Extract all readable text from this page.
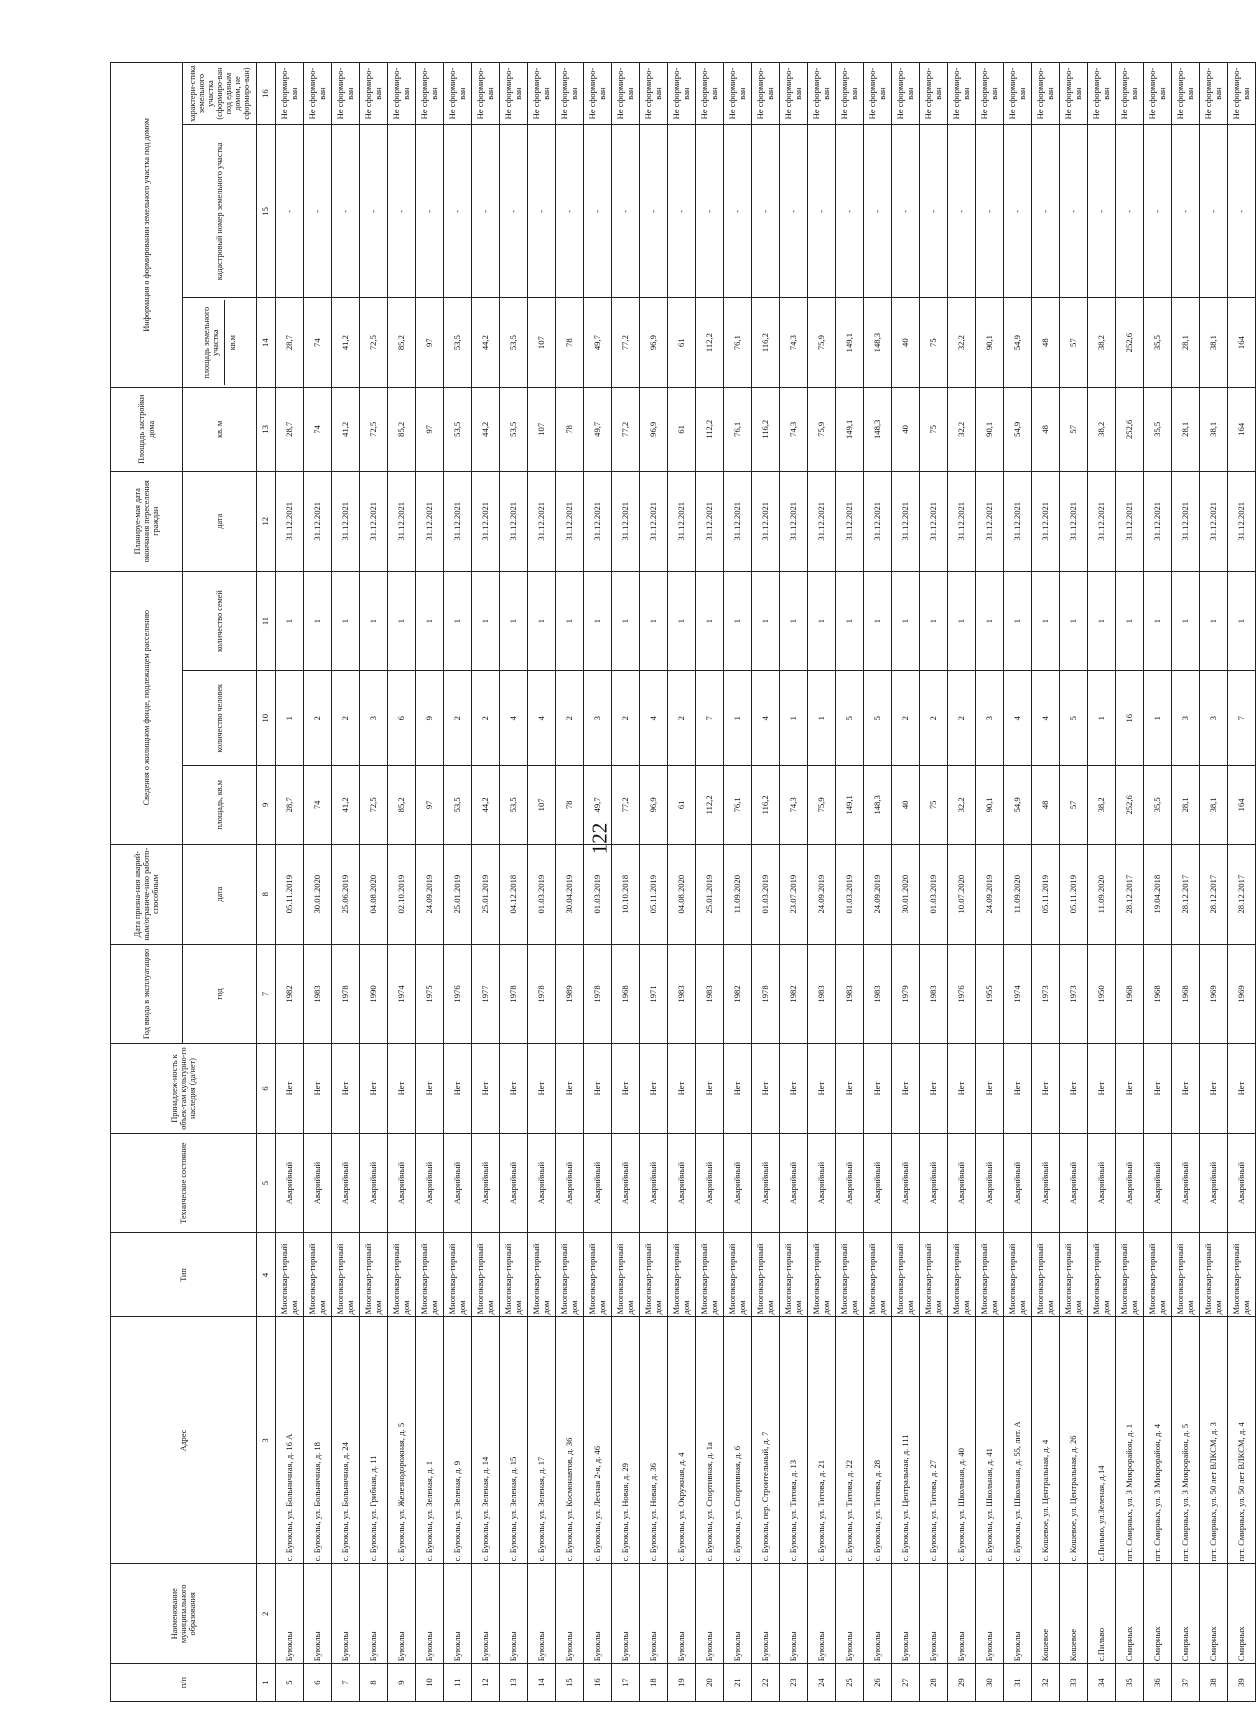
122
п/п	Наименование муниципального образования	Адрес	Тип	Техническое состояние	Принадлеж-ность к объек-там культурно-го наследия (да/нет)	Год ввода в эксплуатацию	Дата призна-ния аварий-ным/ограниче-нно работо-способным	Сведения о жилищном фонде, подлежащем расселению			Планируе-мая дата окончания переселения граждан	Площадь застройки дома	Информация о формировании земельного участка под домом		
						год	дата	площадь, кв.м	количество человек	количество семей	дата	кв. м	площадь земельного участка кв.м	кадастровый номер земельного участка	характери-стика земельного участка (сформиро-ван под единым домом, не сформиро-ван)
1	2	3	4	5	6	7	8	9	10	11	12	13	14	15	16
5	Буюклы	с. Буюклы, ул. Больничная, д. 16 А	Многоквар-тирный дом	Аварийный	Нет	1982	05.11.2019	28,7	1	1	31.12.2021	28,7	28,7	-	Не сформиро-ван
6	Буюклы	с. Буюклы, ул. Больничная, д. 18	Многоквар-тирный дом	Аварийный	Нет	1983	30.01.2020	74	2	1	31.12.2021	74	74	-	Не сформиро-ван
7	Буюклы	с. Буюклы, ул. Больничная, д. 24	Многоквар-тирный дом	Аварийный	Нет	1978	25.06.2019	41,2	2	1	31.12.2021	41,2	41,2	-	Не сформиро-ван
8	Буюклы	с. Буюклы, ул. Грибная, д. 11	Многоквар-тирный дом	Аварийный	Нет	1990	04.08.2020	72,5	3	1	31.12.2021	72,5	72,5	-	Не сформиро-ван
9	Буюклы	с. Буюклы, ул. Железнодорожная, д. 5	Многоквар-тирный дом	Аварийный	Нет	1974	02.10.2019	85,2	6	1	31.12.2021	85,2	85,2	-	Не сформиро-ван
10	Буюклы	с. Буюклы, ул. Зеленая, д. 1	Многоквар-тирный дом	Аварийный	Нет	1975	24.09.2019	97	9	1	31.12.2021	97	97	-	Не сформиро-ван
11	Буюклы	с. Буюклы, ул. Зеленая, д. 9	Многоквар-тирный дом	Аварийный	Нет	1976	25.01.2019	53,5	2	1	31.12.2021	53,5	53,5	-	Не сформиро-ван
12	Буюклы	с. Буюклы, ул. Зеленая, д. 14	Многоквар-тирный дом	Аварийный	Нет	1977	25.01.2019	44,2	2	1	31.12.2021	44,2	44,2	-	Не сформиро-ван
13	Буюклы	с. Буюклы, ул. Зеленая, д. 15	Многоквар-тирный дом	Аварийный	Нет	1978	04.12.2018	53,5	4	1	31.12.2021	53,5	53,5	-	Не сформиро-ван
14	Буюклы	с. Буюклы, ул. Зеленая, д. 17	Многоквар-тирный дом	Аварийный	Нет	1978	01.03.2019	107	4	1	31.12.2021	107	107	-	Не сформиро-ван
15	Буюклы	с. Буюклы, ул. Космонавтов, д. 36	Многоквар-тирный дом	Аварийный	Нет	1989	30.04.2019	78	2	1	31.12.2021	78	78	-	Не сформиро-ван
16	Буюклы	с. Буюклы, ул. Лесная 2-я, д. 46	Многоквар-тирный дом	Аварийный	Нет	1978	01.03.2019	49,7	3	1	31.12.2021	49,7	49,7	-	Не сформиро-ван
17	Буюклы	с. Буюклы, ул. Новая, д. 29	Многоквар-тирный дом	Аварийный	Нет	1968	10.10.2018	77,2	2	1	31.12.2021	77,2	77,2	-	Не сформиро-ван
18	Буюклы	с. Буюклы, ул. Новая, д. 36	Многоквар-тирный дом	Аварийный	Нет	1971	05.11.2019	96,9	4	1	31.12.2021	96,9	96,9	-	Не сформиро-ван
19	Буюклы	с. Буюклы, ул. Окружная, д. 4	Многоквар-тирный дом	Аварийный	Нет	1983	04.08.2020	61	2	1	31.12.2021	61	61	-	Не сформиро-ван
20	Буюклы	с. Буюклы, ул. Спортивная, д. 1а	Многоквар-тирный дом	Аварийный	Нет	1983	25.01.2019	112,2	7	1	31.12.2021	112,2	112,2	-	Не сформиро-ван
21	Буюклы	с. Буюклы, ул. Спортивная, д. 6	Многоквар-тирный дом	Аварийный	Нет	1982	11.09.2020	76,1	1	1	31.12.2021	76,1	76,1	-	Не сформиро-ван
22	Буюклы	с. Буюклы, пер. Строительный, д. 7	Многоквар-тирный дом	Аварийный	Нет	1978	01.03.2019	116,2	4	1	31.12.2021	116,2	116,2	-	Не сформиро-ван
23	Буюклы	с. Буюклы, ул. Титова, д. 13	Многоквар-тирный дом	Аварийный	Нет	1982	23.07.2019	74,3	1	1	31.12.2021	74,3	74,3	-	Не сформиро-ван
24	Буюклы	с. Буюклы, ул. Титова, д. 21	Многоквар-тирный дом	Аварийный	Нет	1983	24.09.2019	75,9	1	1	31.12.2021	75,9	75,9	-	Не сформиро-ван
25	Буюклы	с. Буюклы, ул. Титова, д. 22	Многоквар-тирный дом	Аварийный	Нет	1983	01.03.2019	149,1	5	1	31.12.2021	149,1	149,1	-	Не сформиро-ван
26	Буюклы	с. Буюклы, ул. Титова, д. 28	Многоквар-тирный дом	Аварийный	Нет	1983	24.09.2019	148,3	5	1	31.12.2021	148,3	148,3	-	Не сформиро-ван
27	Буюклы	с. Буюклы, ул. Центральная, д. 111	Многоквар-тирный дом	Аварийный	Нет	1979	30.01.2020	40	2	1	31.12.2021	40	40	-	Не сформиро-ван
28	Буюклы	с. Буюклы, ул. Титова, д. 27	Многоквар-тирный дом	Аварийный	Нет	1983	01.03.2019	75	2	1	31.12.2021	75	75	-	Не сформиро-ван
29	Буюклы	с. Буюклы, ул. Школьная, д. 40	Многоквар-тирный дом	Аварийный	Нет	1976	10.07.2020	32,2	2	1	31.12.2021	32,2	32,2	-	Не сформиро-ван
30	Буюклы	с. Буюклы, ул. Школьная, д. 41	Многоквар-тирный дом	Аварийный	Нет	1955	24.09.2019	90,1	3	1	31.12.2021	90,1	90,1	-	Не сформиро-ван
31	Буюклы	с. Буюклы, ул. Школьная, д. 55, лит. А	Многоквар-тирный дом	Аварийный	Нет	1974	11.09.2020	54,9	4	1	31.12.2021	54,9	54,9	-	Не сформиро-ван
32	Кошевое	с. Кошевое, ул. Центральная, д. 4	Многоквар-тирный дом	Аварийный	Нет	1973	05.11.2019	48	4	1	31.12.2021	48	48	-	Не сформиро-ван
33	Кошевое	с. Кошевое, ул. Центральная, д. 26	Многоквар-тирный дом	Аварийный	Нет	1973	05.11.2019	57	5	1	31.12.2021	57	57	-	Не сформиро-ван
34	с.Пильво	с.Пильво, ул.Зеленая, д.14	Многоквар-тирный дом	Аварийный	Нет	1950	11.09.2020	38,2	1	1	31.12.2021	38,2	38,2	-	Не сформиро-ван
35	Смирных	пгт. Смирных, ул. 3 Микрорайон, д. 1	Многоквар-тирный дом	Аварийный	Нет	1968	28.12.2017	252,6	16	1	31.12.2021	252,6	252,6	-	Не сформиро-ван
36	Смирных	пгт. Смирных, ул. 3 Микрорайон, д. 4	Многоквар-тирный дом	Аварийный	Нет	1968	19.04.2018	35,5	1	1	31.12.2021	35,5	35,5	-	Не сформиро-ван
37	Смирных	пгт. Смирных, ул. 3 Микрорайон, д. 5	Многоквар-тирный дом	Аварийный	Нет	1968	28.12.2017	28,1	3	1	31.12.2021	28,1	28,1	-	Не сформиро-ван
38	Смирных	пгт. Смирных, ул. 50 лет ВЛКСМ, д. 3	Многоквар-тирный дом	Аварийный	Нет	1969	28.12.2017	38,1	3	1	31.12.2021	38,1	38,1	-	Не сформиро-ван
39	Смирных	пгт. Смирных, ул. 50 лет ВЛКСМ, д. 4	Многоквар-тирный дом	Аварийный	Нет	1969	28.12.2017	164	7	1	31.12.2021	164	164	-	Не сформиро-ван
